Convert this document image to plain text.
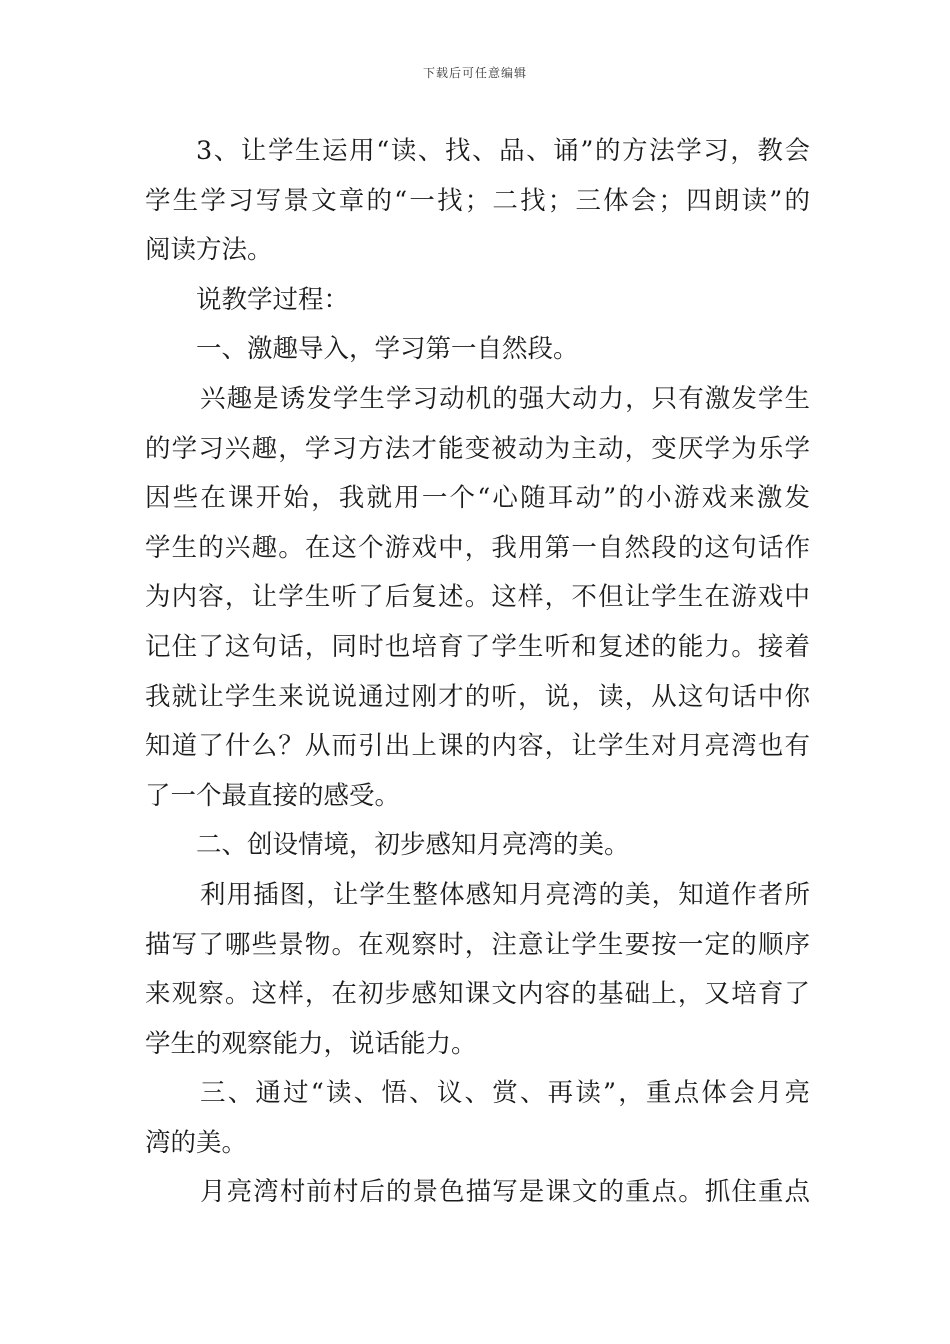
下载后可任意编辑
3、让学生运用“读、找、品、诵”的方法学习，教会
学生学习写景文章的“一找；二找；三体会；四朗读”的
阅读方法。
说教学过程：
一、激趣导入，学习第一自然段。
兴趣是诱发学生学习动机的强大动力，只有激发学生
的学习兴趣，学习方法才能变被动为主动，变厌学为乐学
因些在课开始，我就用一个“心随耳动”的小游戏来激发
学生的兴趣。在这个游戏中，我用第一自然段的这句话作
为内容，让学生听了后复述。这样，不但让学生在游戏中
记住了这句话，同时也培育了学生听和复述的能力。接着
我就让学生来说说通过刚才的听，说，读，从这句话中你
知道了什么？从而引出上课的内容，让学生对月亮湾也有
了一个最直接的感受。
二、创设情境，初步感知月亮湾的美。
利用插图，让学生整体感知月亮湾的美，知道作者所
描写了哪些景物。在观察时，注意让学生要按一定的顺序
来观察。这样，在初步感知课文内容的基础上，又培育了
学生的观察能力，说话能力。
三、通过“读、悟、议、赏、再读”，重点体会月亮
湾的美。
月亮湾村前村后的景色描写是课文的重点。抓住重点
